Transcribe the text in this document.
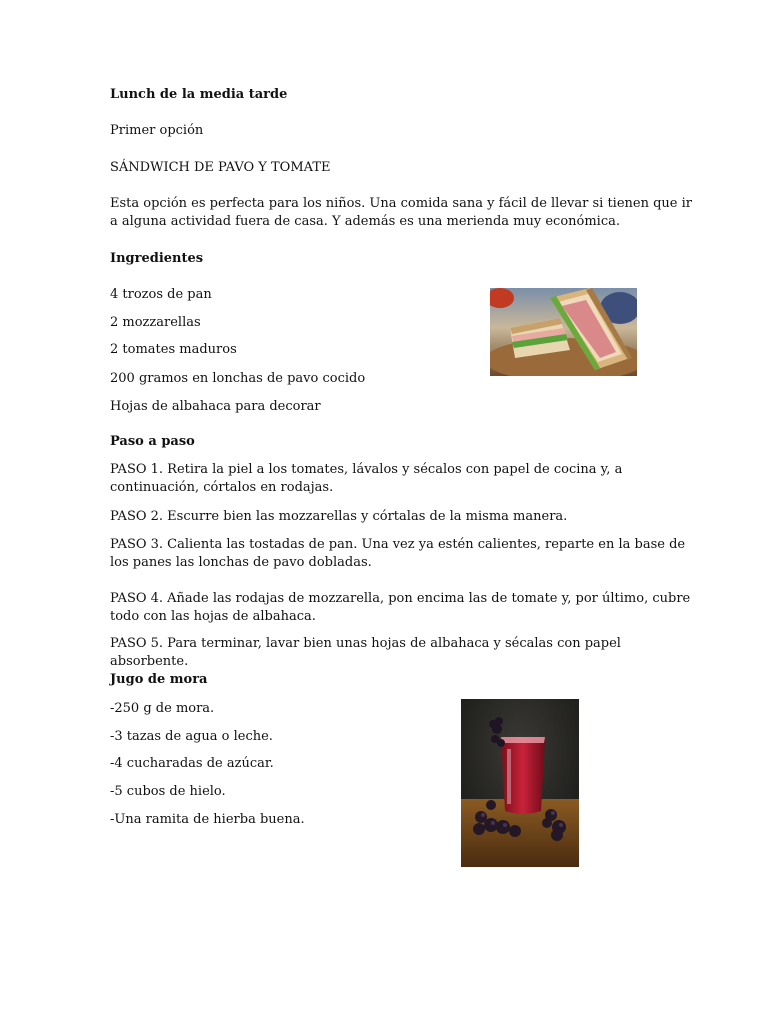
Lunch de la media tarde
Primer opción
SÁNDWICH DE PAVO Y TOMATE
Esta opción es perfecta para los niños. Una comida sana y fácil de llevar si tienen que ir
a alguna actividad fuera de casa. Y además es una merienda muy económica.
Ingredientes
4 trozos de pan
2 mozzarellas
2 tomates maduros
200 gramos en lonchas de pavo cocido
Hojas de albahaca para decorar
Paso a paso
PASO 1. Retira la piel a los tomates, lávalos y sécalos con papel de cocina y, a
continuación, córtalos en rodajas.
PASO 2. Escurre bien las mozzarellas y córtalas de la misma manera.
PASO 3. Calienta las tostadas de pan. Una vez ya estén calientes, reparte en la base de
los panes las lonchas de pavo dobladas.
PASO 4. Añade las rodajas de mozzarella, pon encima las de tomate y, por último, cubre
todo con las hojas de albahaca.
PASO 5. Para terminar, lavar bien unas hojas de albahaca y sécalas con papel
absorbente.
Jugo de mora
-250 g de mora.
-3 tazas de agua o leche.
-4 cucharadas de azúcar.
-5 cubos de hielo.
-Una ramita de hierba buena.
